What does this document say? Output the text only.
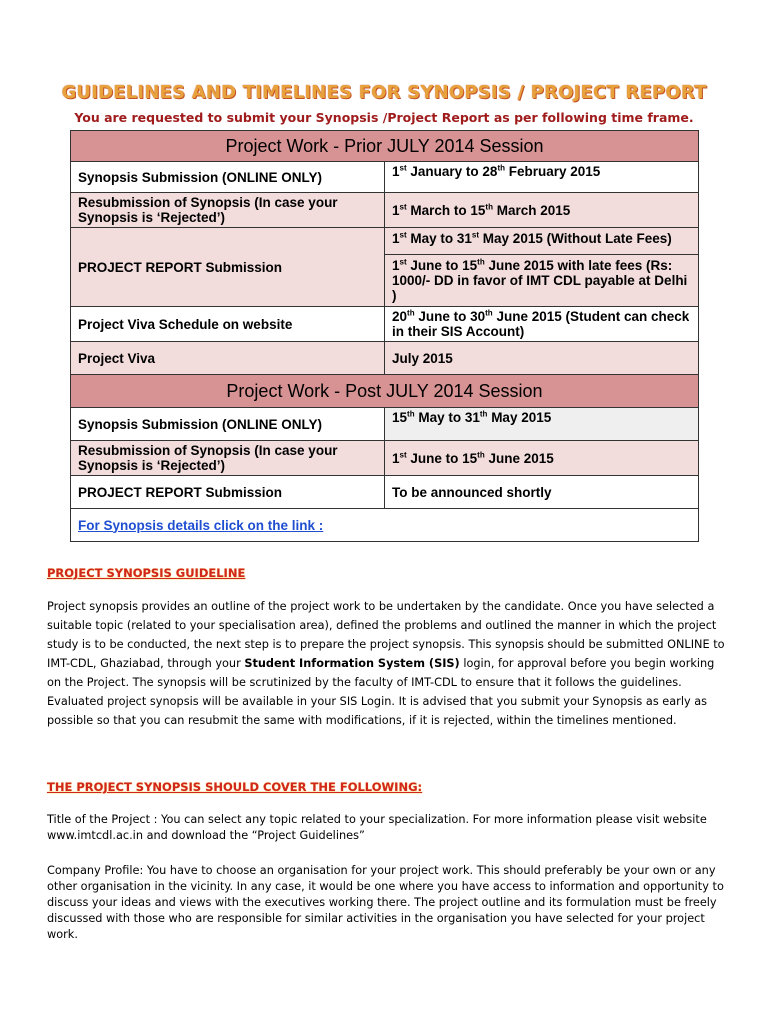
GUIDELINES AND TIMELINES FOR SYNOPSIS / PROJECT REPORT
You are requested to submit your Synopsis /Project Report as per following time frame.
Project Work - Prior JULY 2014 Session	
Synopsis Submission (ONLINE ONLY)	1st January to 28th February 2015
Resubmission of Synopsis (In case your Synopsis is ‘Rejected’)	1st March to 15th March 2015
PROJECT REPORT Submission	1st May to 31st May 2015 (Without Late Fees)
1st June to 15th June 2015 with late fees (Rs: 1000/- DD in favor of IMT CDL payable at Delhi )

Project Viva Schedule on website	20th June to 30th June 2015 (Student can check in their SIS Account)
Project Viva	July 2015
Project Work - Post JULY 2014 Session	
Synopsis Submission (ONLINE ONLY)	15th May to 31th May 2015
Resubmission of Synopsis (In case your Synopsis is ‘Rejected’)	1st June to 15th June 2015
PROJECT REPORT Submission	To be announced shortly
For Synopsis details click on the link :	
PROJECT SYNOPSIS GUIDELINE

Project synopsis provides an outline of the project work to be undertaken by the candidate. Once you have selected a suitable topic (related to your specialisation area), defined the problems and outlined the manner in which the project study is to be conducted, the next step is to prepare the project synopsis. This synopsis should be submitted ONLINE to IMT-CDL, Ghaziabad, through your Student Information System (SIS) login, for approval before you begin working on the Project. The synopsis will be scrutinized by the faculty of IMT-CDL to ensure that it follows the guidelines. Evaluated project synopsis will be available in your SIS Login. It is advised that you submit your Synopsis as early as possible so that you can resubmit the same with modifications, if it is rejected, within the timelines mentioned.

THE PROJECT SYNOPSIS SHOULD COVER THE FOLLOWING:

Title of the Project : You can select any topic related to your specialization. For more information please visit website www.imtcdl.ac.in and download the “Project Guidelines”

Company Profile: You have to choose an organisation for your project work. This should preferably be your own or any other organisation in the vicinity. In any case, it would be one where you have access to information and opportunity to discuss your ideas and views with the executives working there. The project outline and its formulation must be freely discussed with those who are responsible for similar activities in the organisation you have selected for your project work.
